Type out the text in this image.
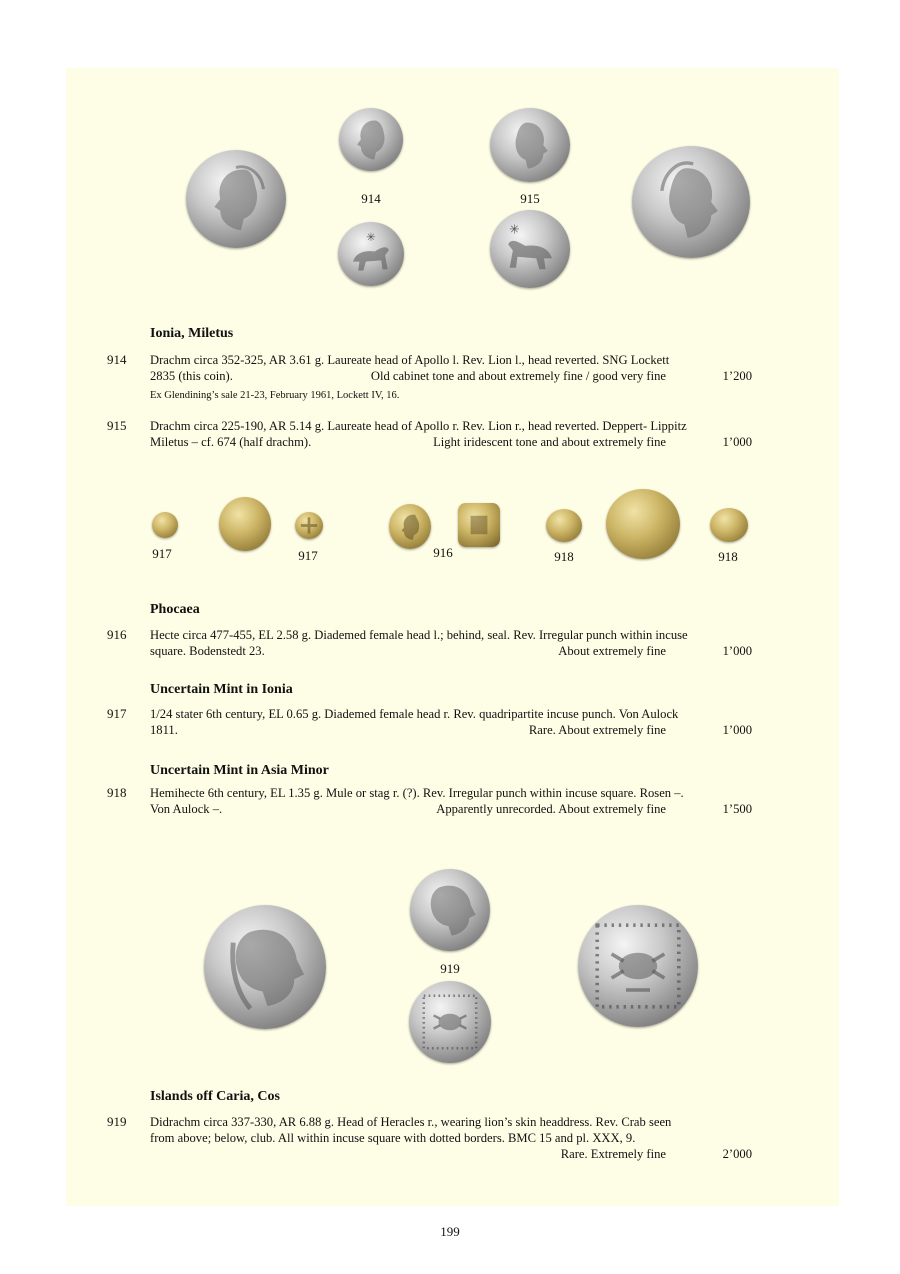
914
✳
915
✳
Ionia, Miletus
914 Drachm circa 352-325, AR 3.61 g. Laureate head of Apollo l. Rev. Lion l., head reverted. SNG Lockett
2835 (this coin).	Old cabinet tone and about extremely fine / good very fine	1’200
Ex Glendining’s sale 21-23, February 1961, Lockett IV, 16.
915 Drachm circa 225-190, AR 5.14 g. Laureate head of Apollo r. Rev. Lion r., head reverted. Deppert- Lippitz
Miletus – cf. 674 (half drachm).	Light iridescent tone and about extremely fine	1’000
917	917	916	918	918
Phocaea
916 Hecte circa 477-455, EL 2.58 g. Diademed female head l.; behind, seal. Rev. Irregular punch within incuse
square. Bodenstedt 23.	About extremely fine	1’000
Uncertain Mint in Ionia
917 1/24 stater 6th century, EL 0.65 g. Diademed female head r. Rev. quadripartite incuse punch. Von Aulock
1811.	Rare. About extremely fine	1’000
Uncertain Mint in Asia Minor
918 Hemihecte 6th century, EL 1.35 g. Mule or stag r. (?). Rev. Irregular punch within incuse square. Rosen –.
Von Aulock –.	Apparently unrecorded. About extremely fine	1’500
919
Islands off Caria, Cos
919 Didrachm circa 337-330, AR 6.88 g. Head of Heracles r., wearing lion’s skin headdress. Rev. Crab seen
from above; below, club. All within incuse square with dotted borders. BMC 15 and pl. XXX, 9.
Rare. Extremely fine	2’000
199
